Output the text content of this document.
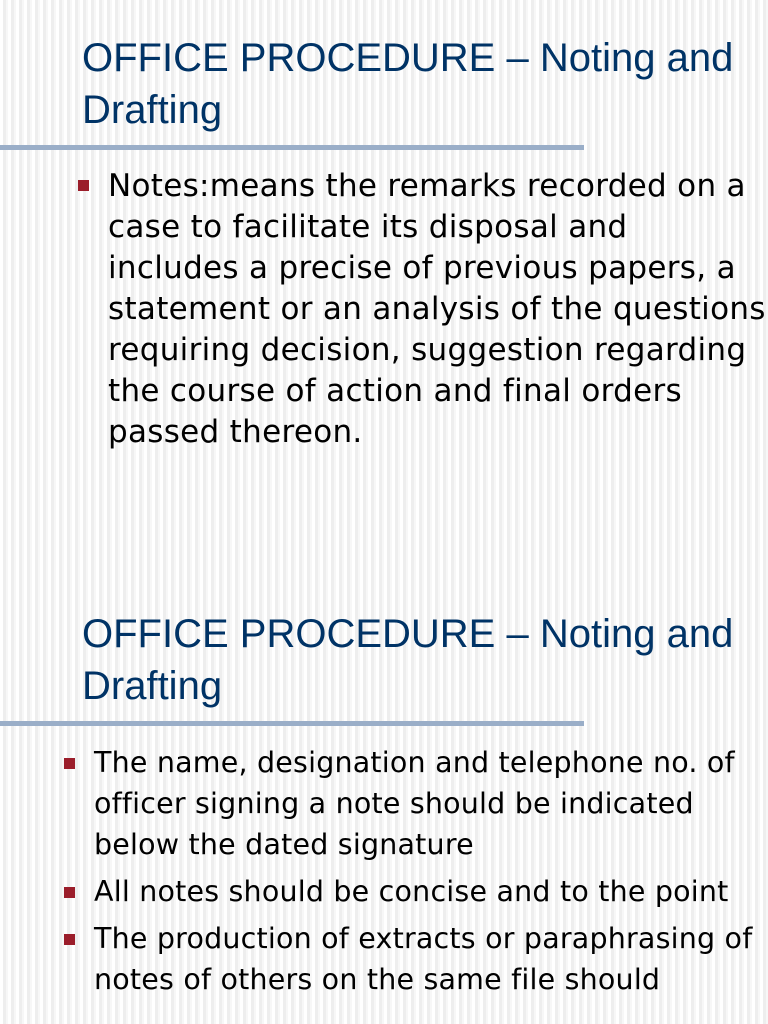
OFFICE PROCEDURE – Noting and Drafting
Notes:means the remarks recorded on a case to facilitate its disposal and includes a precise of previous papers, a statement or an analysis of the questions requiring decision, suggestion regarding the course of action and final orders passed thereon.
OFFICE PROCEDURE – Noting and Drafting
The name, designation and telephone no. of officer signing a note should be indicated below the dated signature
All notes should be concise and to the point
The production of extracts or paraphrasing of notes of others on the same file should
